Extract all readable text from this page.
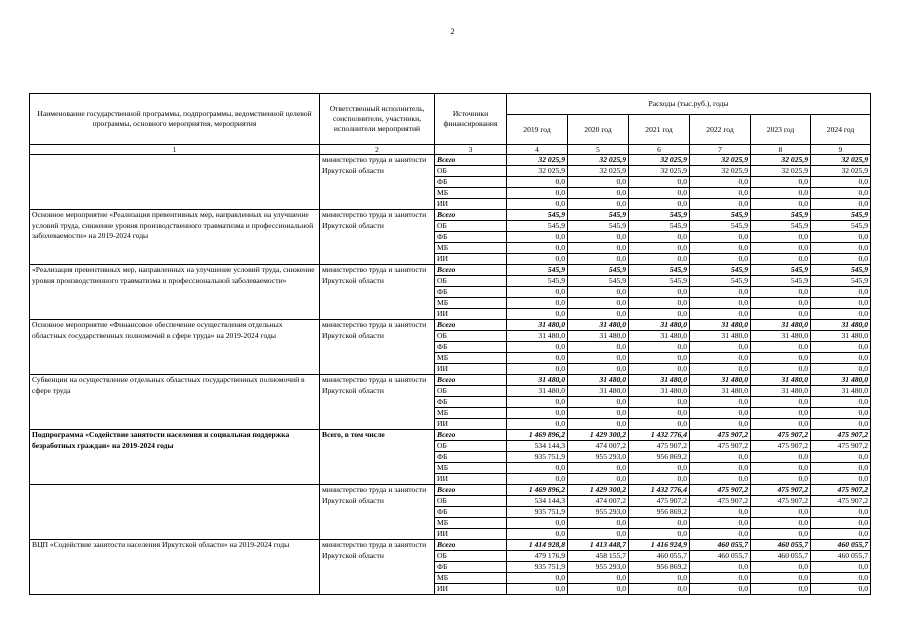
2
Наименование государственной программы, подпрограммы, ведомственной целевой программы, основного мероприятия, мероприятия	Ответственный исполнитель, соисполнители, участники, исполнители мероприятий	Источники финансирования	Расходы (тыс.руб.), годы					
			2019 год	2020 год	2021 год	2022 год	2023 год	2024 год
1	2	3	4	5	6	7	8	9
	министерство труда и занятости Иркутской области	Всего	32 025,9	32 025,9	32 025,9	32 025,9	32 025,9	32 025,9
		ОБ	32 025,9	32 025,9	32 025,9	32 025,9	32 025,9	32 025,9
		ФБ	0,0	0,0	0,0	0,0	0,0	0,0
		МБ	0,0	0,0	0,0	0,0	0,0	0,0
		ИИ	0,0	0,0	0,0	0,0	0,0	0,0
Основное мероприятие «Реализация превентивных мер, направленных на улучшение условий труда, снижение уровня производственного травматизма и профессиональной заболеваемости» на 2019-2024 годы	министерство труда и занятости Иркутской области	Всего	545,9	545,9	545,9	545,9	545,9	545,9
		ОБ	545,9	545,9	545,9	545,9	545,9	545,9
		ФБ	0,0	0,0	0,0	0,0	0,0	0,0
		МБ	0,0	0,0	0,0	0,0	0,0	0,0
		ИИ	0,0	0,0	0,0	0,0	0,0	0,0
«Реализация превентивных мер, направленных на улучшение условий труда, снижение уровня производственного травматизма и профессиональной заболеваемости»	министерство труда и занятости Иркутской области	Всего	545,9	545,9	545,9	545,9	545,9	545,9
		ОБ	545,9	545,9	545,9	545,9	545,9	545,9
		ФБ	0,0	0,0	0,0	0,0	0,0	0,0
		МБ	0,0	0,0	0,0	0,0	0,0	0,0
		ИИ	0,0	0,0	0,0	0,0	0,0	0,0
Основное мероприятие «Финансовое обеспечение осуществления отдельных областных государственных полномочий в сфере труда» на 2019-2024 годы	министерство труда и занятости Иркутской области	Всего	31 480,0	31 480,0	31 480,0	31 480,0	31 480,0	31 480,0
		ОБ	31 480,0	31 480,0	31 480,0	31 480,0	31 480,0	31 480,0
		ФБ	0,0	0,0	0,0	0,0	0,0	0,0
		МБ	0,0	0,0	0,0	0,0	0,0	0,0
		ИИ	0,0	0,0	0,0	0,0	0,0	0,0
Субвенции на осуществление отдельных областных государственных полномочий в сфере труда	министерство труда и занятости Иркутской области	Всего	31 480,0	31 480,0	31 480,0	31 480,0	31 480,0	31 480,0
		ОБ	31 480,0	31 480,0	31 480,0	31 480,0	31 480,0	31 480,0
		ФБ	0,0	0,0	0,0	0,0	0,0	0,0
		МБ	0,0	0,0	0,0	0,0	0,0	0,0
		ИИ	0,0	0,0	0,0	0,0	0,0	0,0
Подпрограмма «Содействие занятости населения и социальная поддержка безработных граждан» на 2019-2024 годы	Всего, в том числе	Всего	1 469 896,2	1 429 300,2	1 432 776,4	475 907,2	475 907,2	475 907,2
		ОБ	534 144,3	474 007,2	475 907,2	475 907,2	475 907,2	475 907,2
		ФБ	935 751,9	955 293,0	956 869,2	0,0	0,0	0,0
		МБ	0,0	0,0	0,0	0,0	0,0	0,0
		ИИ	0,0	0,0	0,0	0,0	0,0	0,0
	министерство труда и занятости Иркутской области	Всего	1 469 896,2	1 429 300,2	1 432 776,4	475 907,2	475 907,2	475 907,2
		ОБ	534 144,3	474 007,2	475 907,2	475 907,2	475 907,2	475 907,2
		ФБ	935 751,9	955 293,0	956 869,2	0,0	0,0	0,0
		МБ	0,0	0,0	0,0	0,0	0,0	0,0
		ИИ	0,0	0,0	0,0	0,0	0,0	0,0
ВЦП «Содействие занятости населения Иркутской области» на 2019-2024 годы	министерство труда и занятости Иркутской области	Всего	1 414 928,8	1 413 448,7	1 416 924,9	460 055,7	460 055,7	460 055,7
		ОБ	479 176,9	458 155,7	460 055,7	460 055,7	460 055,7	460 055,7
		ФБ	935 751,9	955 293,0	956 869,2	0,0	0,0	0,0
		МБ	0,0	0,0	0,0	0,0	0,0	0,0
		ИИ	0,0	0,0	0,0	0,0	0,0	0,0
